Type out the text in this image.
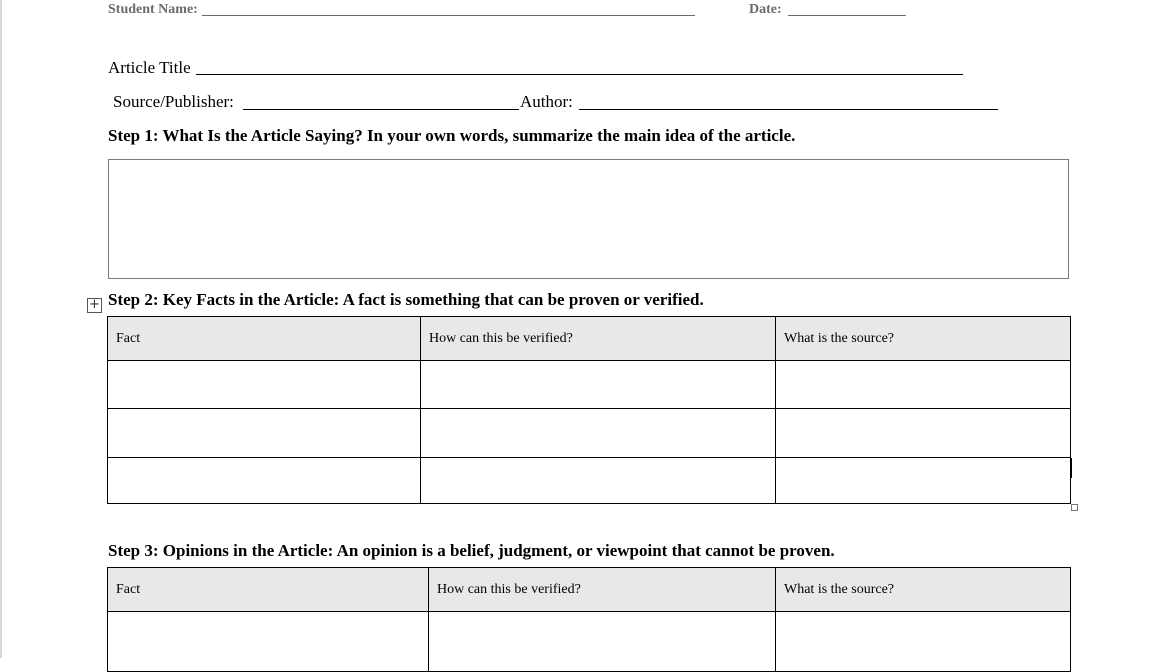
Student Name:	Date:
Article Title
Source/Publisher:	Author:
Step 1: What Is the Article Saying? In your own words, summarize the main idea of the article.
+ Step 2: Key Facts in the Article: A fact is something that can be proven or verified.
Fact	How can this be verified?	What is the source?

Step 3: Opinions in the Article: An opinion is a belief, judgment, or viewpoint that cannot be proven.
Fact	How can this be verified?	What is the source?
